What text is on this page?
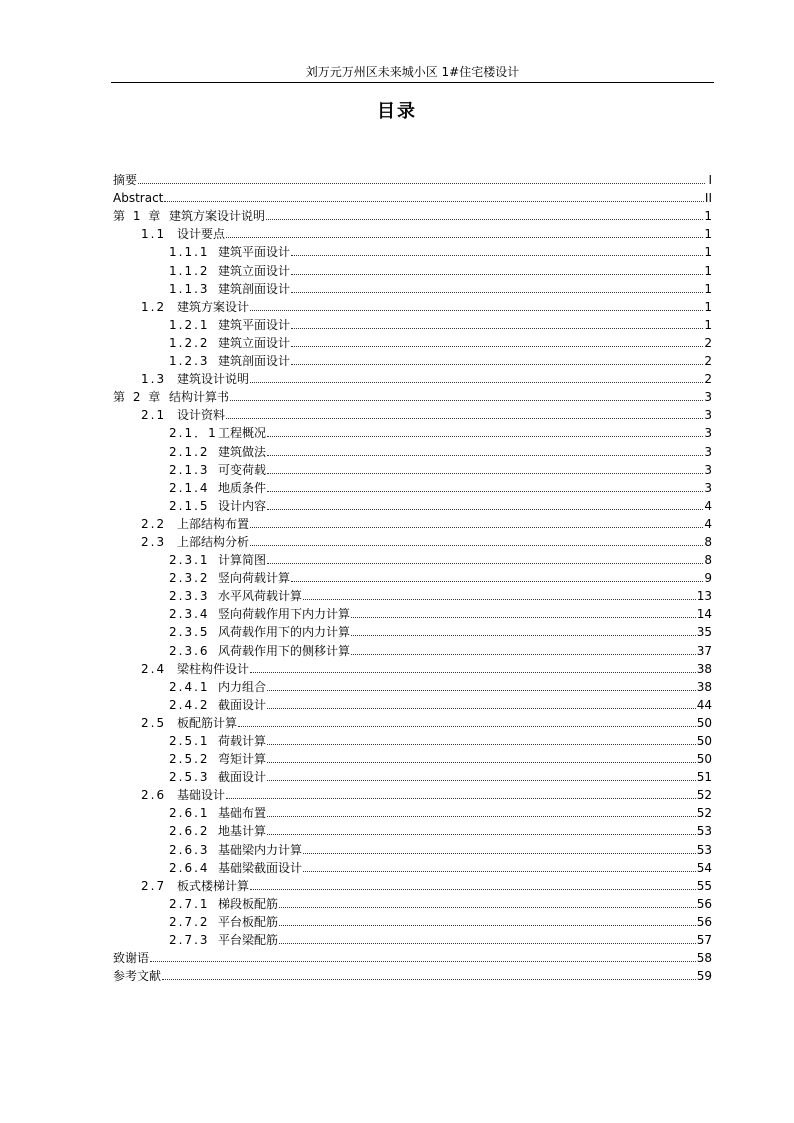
刘万元万州区未来城小区 1#住宅楼设计
目录
摘要	I
Abstract	II
第 1 章 建筑方案设计说明	1
1.1 设计要点	1
1.1.1 建筑平面设计	1
1.1.2 建筑立面设计	1
1.1.3 建筑剖面设计	1
1.2 建筑方案设计	1
1.2.1 建筑平面设计	1
1.2.2 建筑立面设计	2
1.2.3 建筑剖面设计	2
1.3 建筑设计说明	2
第 2 章 结构计算书	3
2.1 设计资料	3
2.1．1 工程概况	3
2.1.2 建筑做法	3
2.1.3 可变荷载	3
2.1.4 地质条件	3
2.1.5 设计内容	4
2.2 上部结构布置	4
2.3 上部结构分析	8
2.3.1 计算简图	8
2.3.2 竖向荷载计算	9
2.3.3 水平风荷载计算	13
2.3.4 竖向荷载作用下内力计算	14
2.3.5 风荷载作用下的内力计算	35
2.3.6 风荷载作用下的侧移计算	37
2.4 梁柱构件设计	38
2.4.1 内力组合	38
2.4.2 截面设计	44
2.5 板配筋计算	50
2.5.1 荷载计算	50
2.5.2 弯矩计算	50
2.5.3 截面设计	51
2.6 基础设计	52
2.6.1 基础布置	52
2.6.2 地基计算	53
2.6.3 基础梁内力计算	53
2.6.4 基础梁截面设计	54
2.7 板式楼梯计算	55
2.7.1 梯段板配筋	56
2.7.2 平台板配筋	56
2.7.3 平台梁配筋	57
致谢语	58
参考文献	59
